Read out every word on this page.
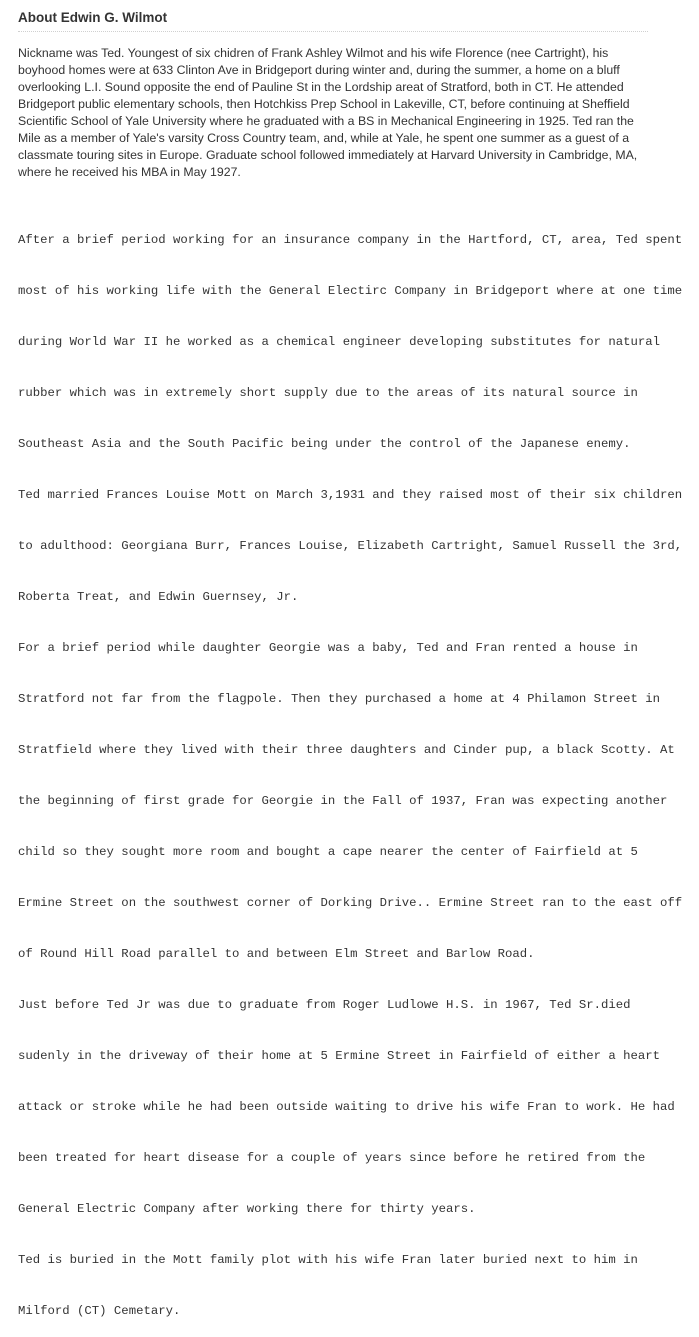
About Edwin G. Wilmot
Nickname was Ted. Youngest of six chidren of Frank Ashley Wilmot and his wife Florence (nee Cartright), his
boyhood homes were at 633 Clinton Ave in Bridgeport during winter and, during the summer, a home on a bluff
overlooking L.I. Sound opposite the end of Pauline St in the Lordship areat of Stratford, both in CT. He attended
Bridgeport public elementary schools, then Hotchkiss Prep School in Lakeville, CT, before continuing at Sheffield
Scientific School of Yale University where he graduated with a BS in Mechanical Engineering in 1925. Ted ran the
Mile as a member of Yale's varsity Cross Country team, and, while at Yale, he spent one summer as a guest of a
classmate touring sites in Europe. Graduate school followed immediately at Harvard University in Cambridge, MA,
where he received his MBA in May 1927.

After a brief period working for an insurance company in the Hartford, CT, area, Ted spent

most of his working life with the General Electirc Company in Bridgeport where at one time

during World War II he worked as a chemical engineer developing substitutes for natural

rubber which was in extremely short supply due to the areas of its natural source in

Southeast Asia and the South Pacific being under the control of the Japanese enemy.

Ted married Frances Louise Mott on March 3,1931 and they raised most of their six children

to adulthood: Georgiana Burr, Frances Louise, Elizabeth Cartright, Samuel Russell the 3rd,

Roberta Treat, and Edwin Guernsey, Jr.

For a brief period while daughter Georgie was a baby, Ted and Fran rented a house in

Stratford not far from the flagpole. Then they purchased a home at 4 Philamon Street in

Stratfield where they lived with their three daughters and Cinder pup, a black Scotty. At

the beginning of first grade for Georgie in the Fall of 1937, Fran was expecting another

child so they sought more room and bought a cape nearer the center of Fairfield at 5

Ermine Street on the southwest corner of Dorking Drive.. Ermine Street ran to the east off

of Round Hill Road parallel to and between Elm Street and Barlow Road.

Just before Ted Jr was due to graduate from Roger Ludlowe H.S. in 1967, Ted Sr.died

sudenly in the driveway of their home at 5 Ermine Street in Fairfield of either a heart

attack or stroke while he had been outside waiting to drive his wife Fran to work. He had

been treated for heart disease for a couple of years since before he retired from the

General Electric Company after working there for thirty years.

Ted is buried in the Mott family plot with his wife Fran later buried next to him in

Milford (CT) Cemetary.
